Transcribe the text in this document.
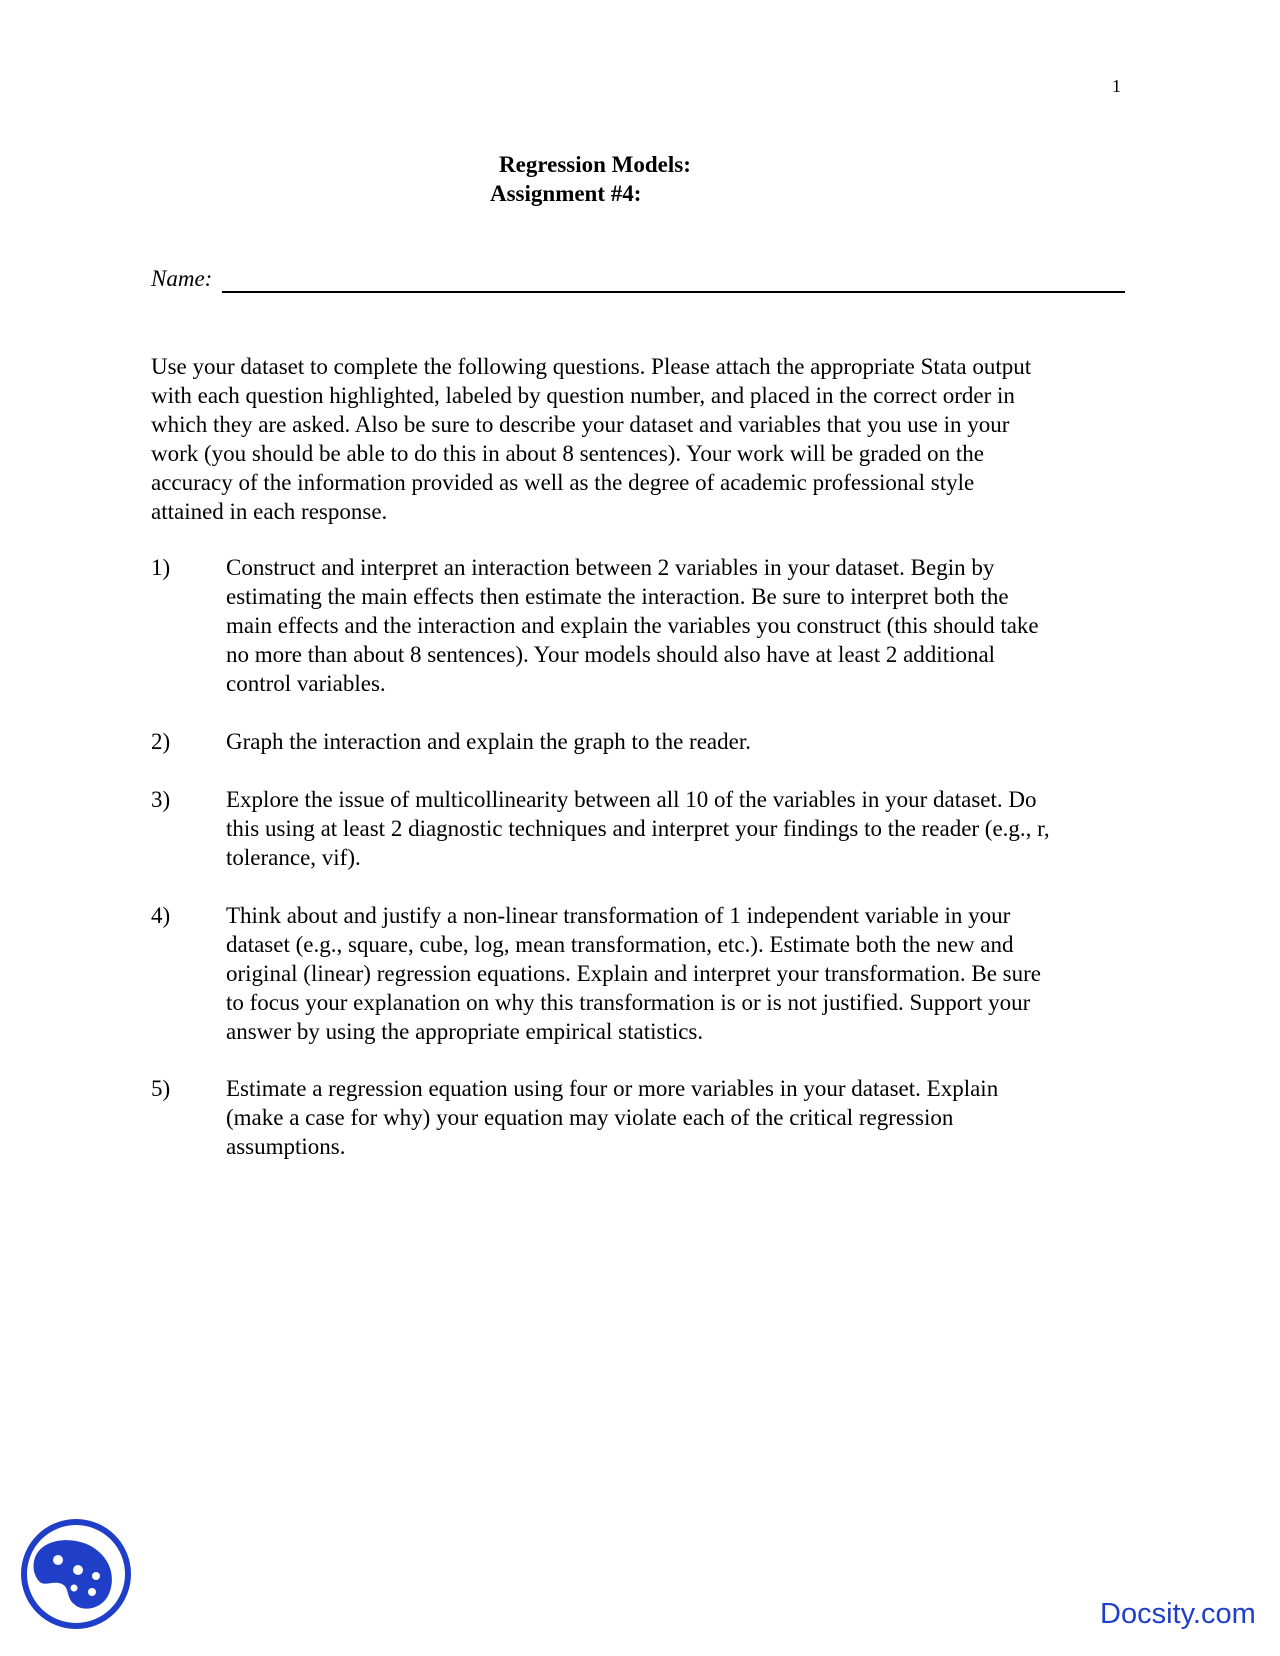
1
Regression Models:
Assignment #4:
Name:

Use your dataset to complete the following questions. Please attach the appropriate Stata output
with each question highlighted, labeled by question number, and placed in the correct order in
which they are asked. Also be sure to describe your dataset and variables that you use in your
work (you should be able to do this in about 8 sentences). Your work will be graded on the
accuracy of the information provided as well as the degree of academic professional style
attained in each response.

1) Construct and interpret an interaction between 2 variables in your dataset. Begin by
estimating the main effects then estimate the interaction. Be sure to interpret both the
main effects and the interaction and explain the variables you construct (this should take
no more than about 8 sentences). Your models should also have at least 2 additional
control variables.
2) Graph the interaction and explain the graph to the reader.
3) Explore the issue of multicollinearity between all 10 of the variables in your dataset. Do
this using at least 2 diagnostic techniques and interpret your findings to the reader (e.g., r,
tolerance, vif).
4) Think about and justify a non-linear transformation of 1 independent variable in your
dataset (e.g., square, cube, log, mean transformation, etc.). Estimate both the new and
original (linear) regression equations. Explain and interpret your transformation. Be sure
to focus your explanation on why this transformation is or is not justified. Support your
answer by using the appropriate empirical statistics.
5) Estimate a regression equation using four or more variables in your dataset. Explain
(make a case for why) your equation may violate each of the critical regression
assumptions.
Docsity.com
